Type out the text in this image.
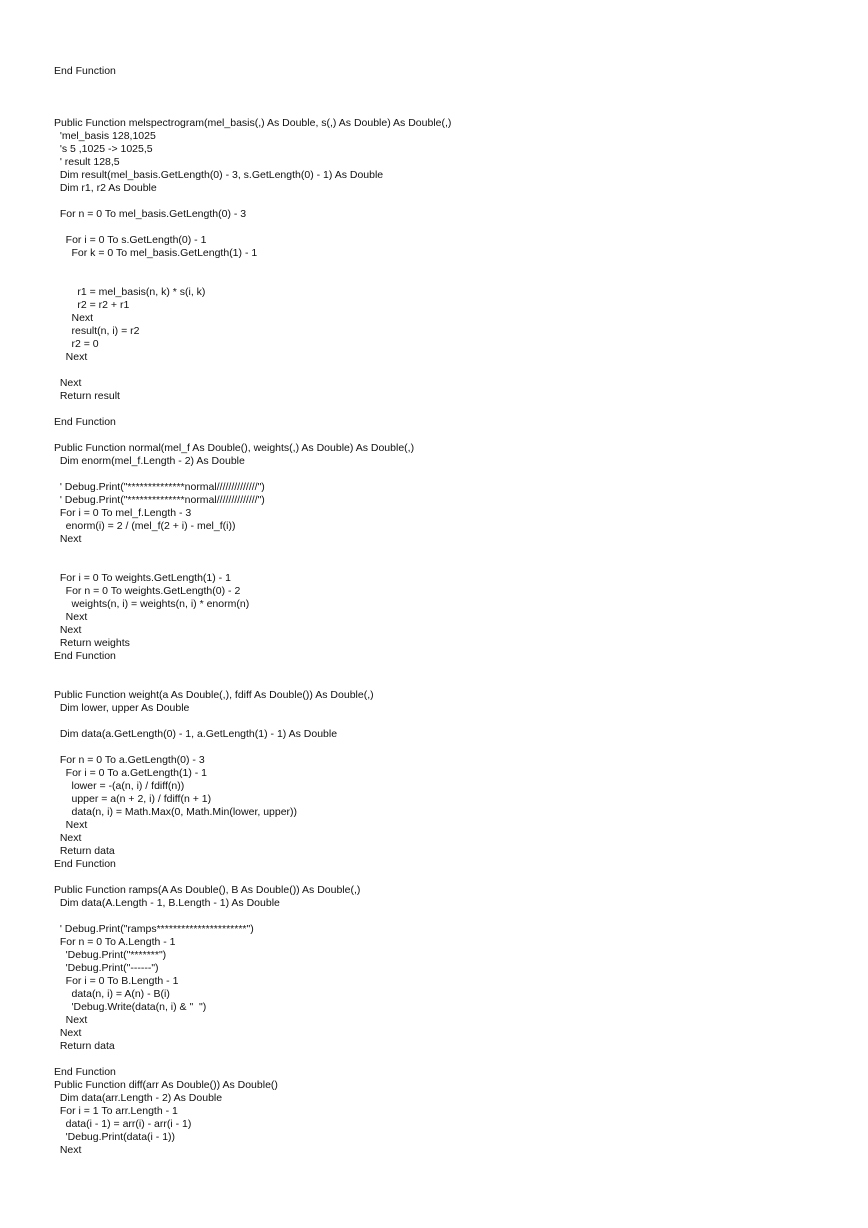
End Function
Public Function melspectrogram(mel_basis(,) As Double, s(,) As Double) As Double(,)
'mel_basis 128,1025
's 5 ,1025 -> 1025,5
' result 128,5
Dim result(mel_basis.GetLength(0) - 3, s.GetLength(0) - 1) As Double
Dim r1, r2 As Double
For n = 0 To mel_basis.GetLength(0) - 3
For i = 0 To s.GetLength(0) - 1
For k = 0 To mel_basis.GetLength(1) - 1
r1 = mel_basis(n, k) * s(i, k)
r2 = r2 + r1
Next
result(n, i) = r2
r2 = 0
Next
Next
Return result
End Function
Public Function normal(mel_f As Double(), weights(,) As Double) As Double(,)
Dim enorm(mel_f.Length - 2) As Double
' Debug.Print("**************normal//////////////")
' Debug.Print("**************normal//////////////")
For i = 0 To mel_f.Length - 3
enorm(i) = 2 / (mel_f(2 + i) - mel_f(i))
Next
For i = 0 To weights.GetLength(1) - 1
For n = 0 To weights.GetLength(0) - 2
weights(n, i) = weights(n, i) * enorm(n)
Next
Next
Return weights
End Function
Public Function weight(a As Double(,), fdiff As Double()) As Double(,)
Dim lower, upper As Double
Dim data(a.GetLength(0) - 1, a.GetLength(1) - 1) As Double
For n = 0 To a.GetLength(0) - 3
For i = 0 To a.GetLength(1) - 1
lower = -(a(n, i) / fdiff(n))
upper = a(n + 2, i) / fdiff(n + 1)
data(n, i) = Math.Max(0, Math.Min(lower, upper))
Next
Next
Return data
End Function
Public Function ramps(A As Double(), B As Double()) As Double(,)
Dim data(A.Length - 1, B.Length - 1) As Double
' Debug.Print("ramps**********************")
For n = 0 To A.Length - 1
'Debug.Print("*******")
'Debug.Print("------")
For i = 0 To B.Length - 1
data(n, i) = A(n) - B(i)
'Debug.Write(data(n, i) & "  ")
Next
Next
Return data
End Function
Public Function diff(arr As Double()) As Double()
Dim data(arr.Length - 2) As Double
For i = 1 To arr.Length - 1
data(i - 1) = arr(i) - arr(i - 1)
'Debug.Print(data(i - 1))
Next
